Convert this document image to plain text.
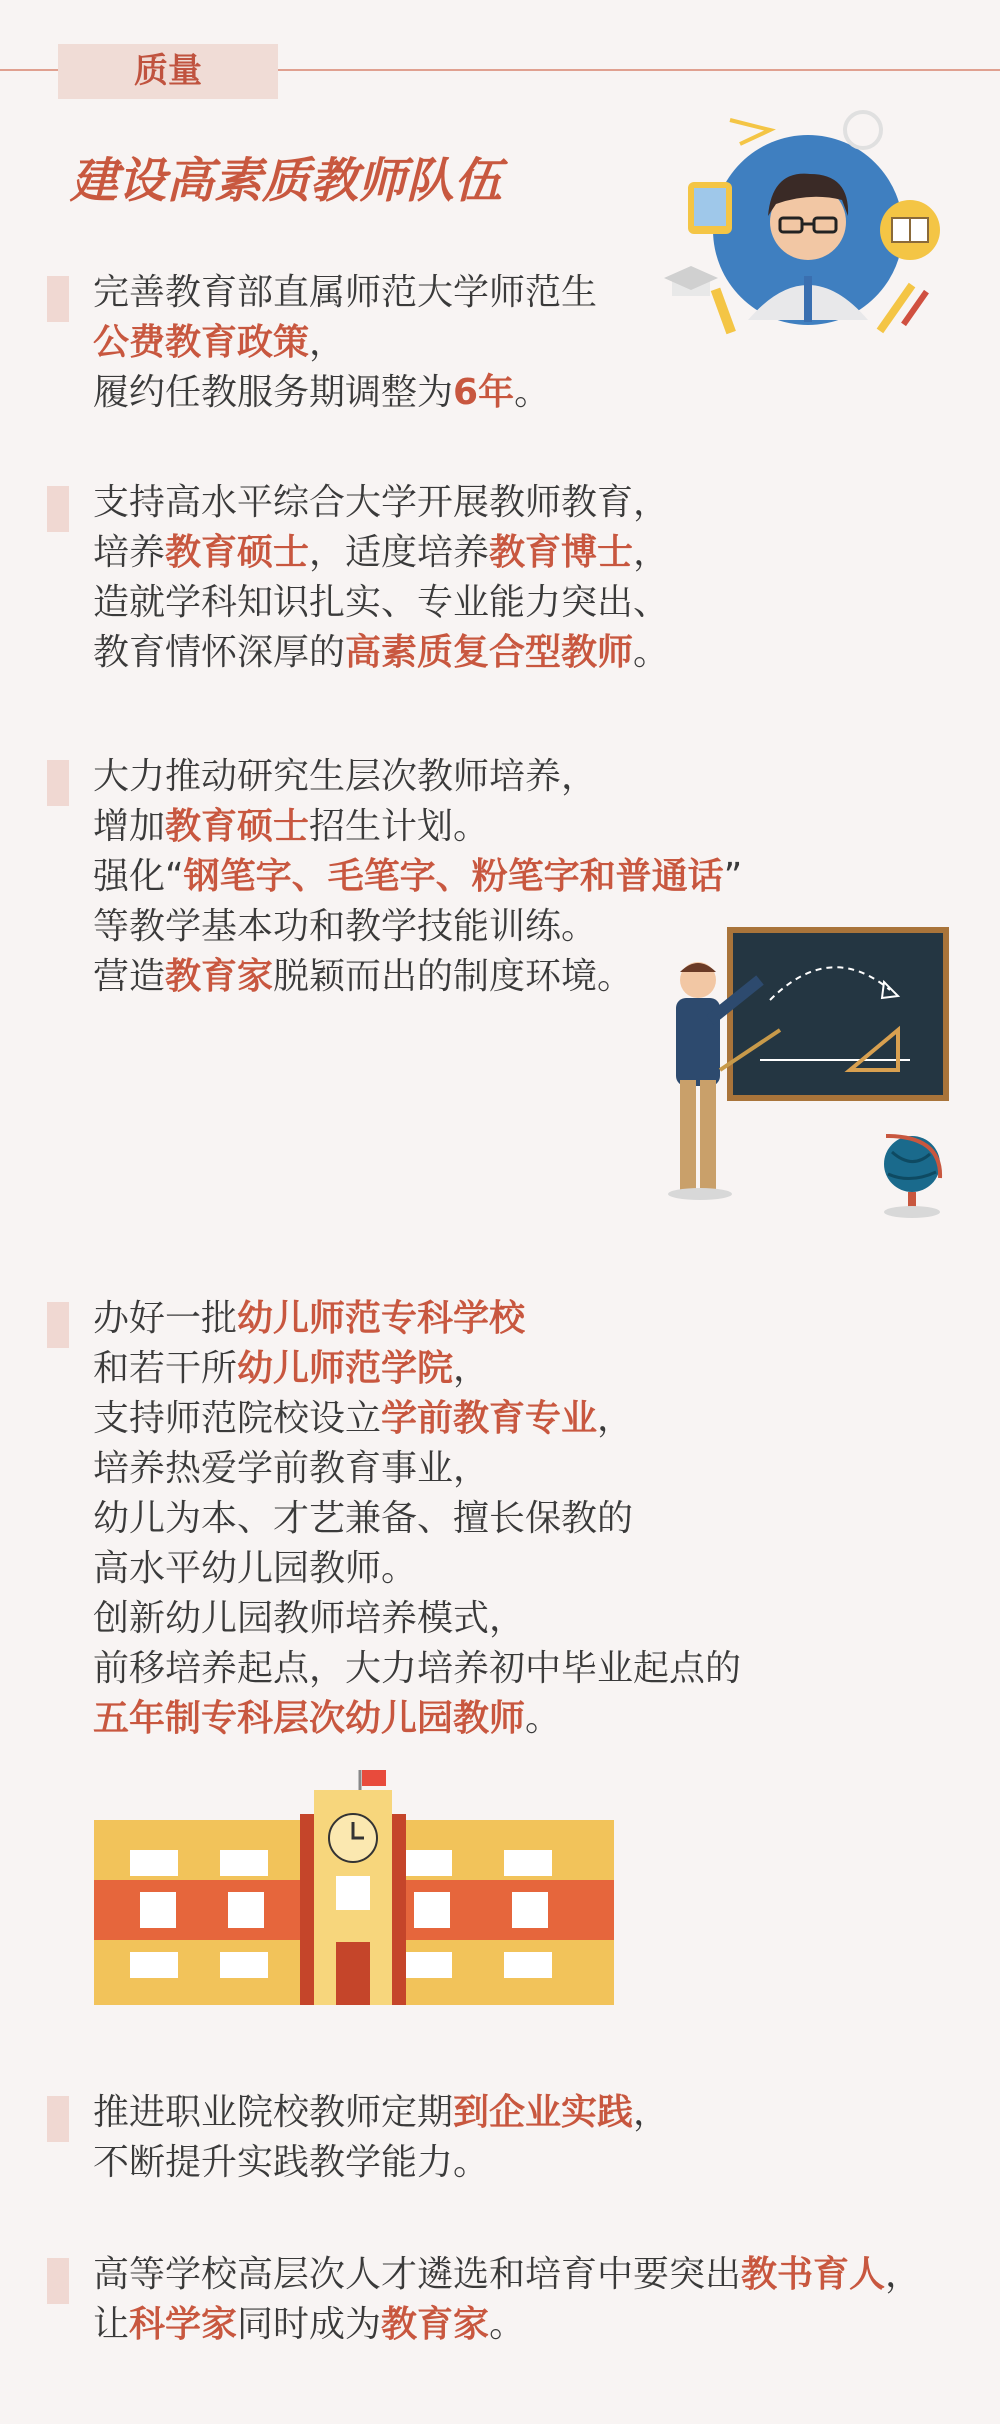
质量
建设高素质教师队伍
完善教育部直属师范大学师范生
公费教育政策，
履约任教服务期调整为6年。
支持高水平综合大学开展教师教育，
培养教育硕士，适度培养教育博士，
造就学科知识扎实、专业能力突出、
教育情怀深厚的高素质复合型教师。
大力推动研究生层次教师培养，
增加教育硕士招生计划。
强化“钢笔字、毛笔字、粉笔字和普通话”
等教学基本功和教学技能训练。
营造教育家脱颖而出的制度环境。
办好一批幼儿师范专科学校
和若干所幼儿师范学院，
支持师范院校设立学前教育专业，
培养热爱学前教育事业，
幼儿为本、才艺兼备、擅长保教的
高水平幼儿园教师。
创新幼儿园教师培养模式，
前移培养起点，大力培养初中毕业起点的
五年制专科层次幼儿园教师。
推进职业院校教师定期到企业实践，
不断提升实践教学能力。
高等学校高层次人才遴选和培育中要突出教书育人，
让科学家同时成为教育家。
